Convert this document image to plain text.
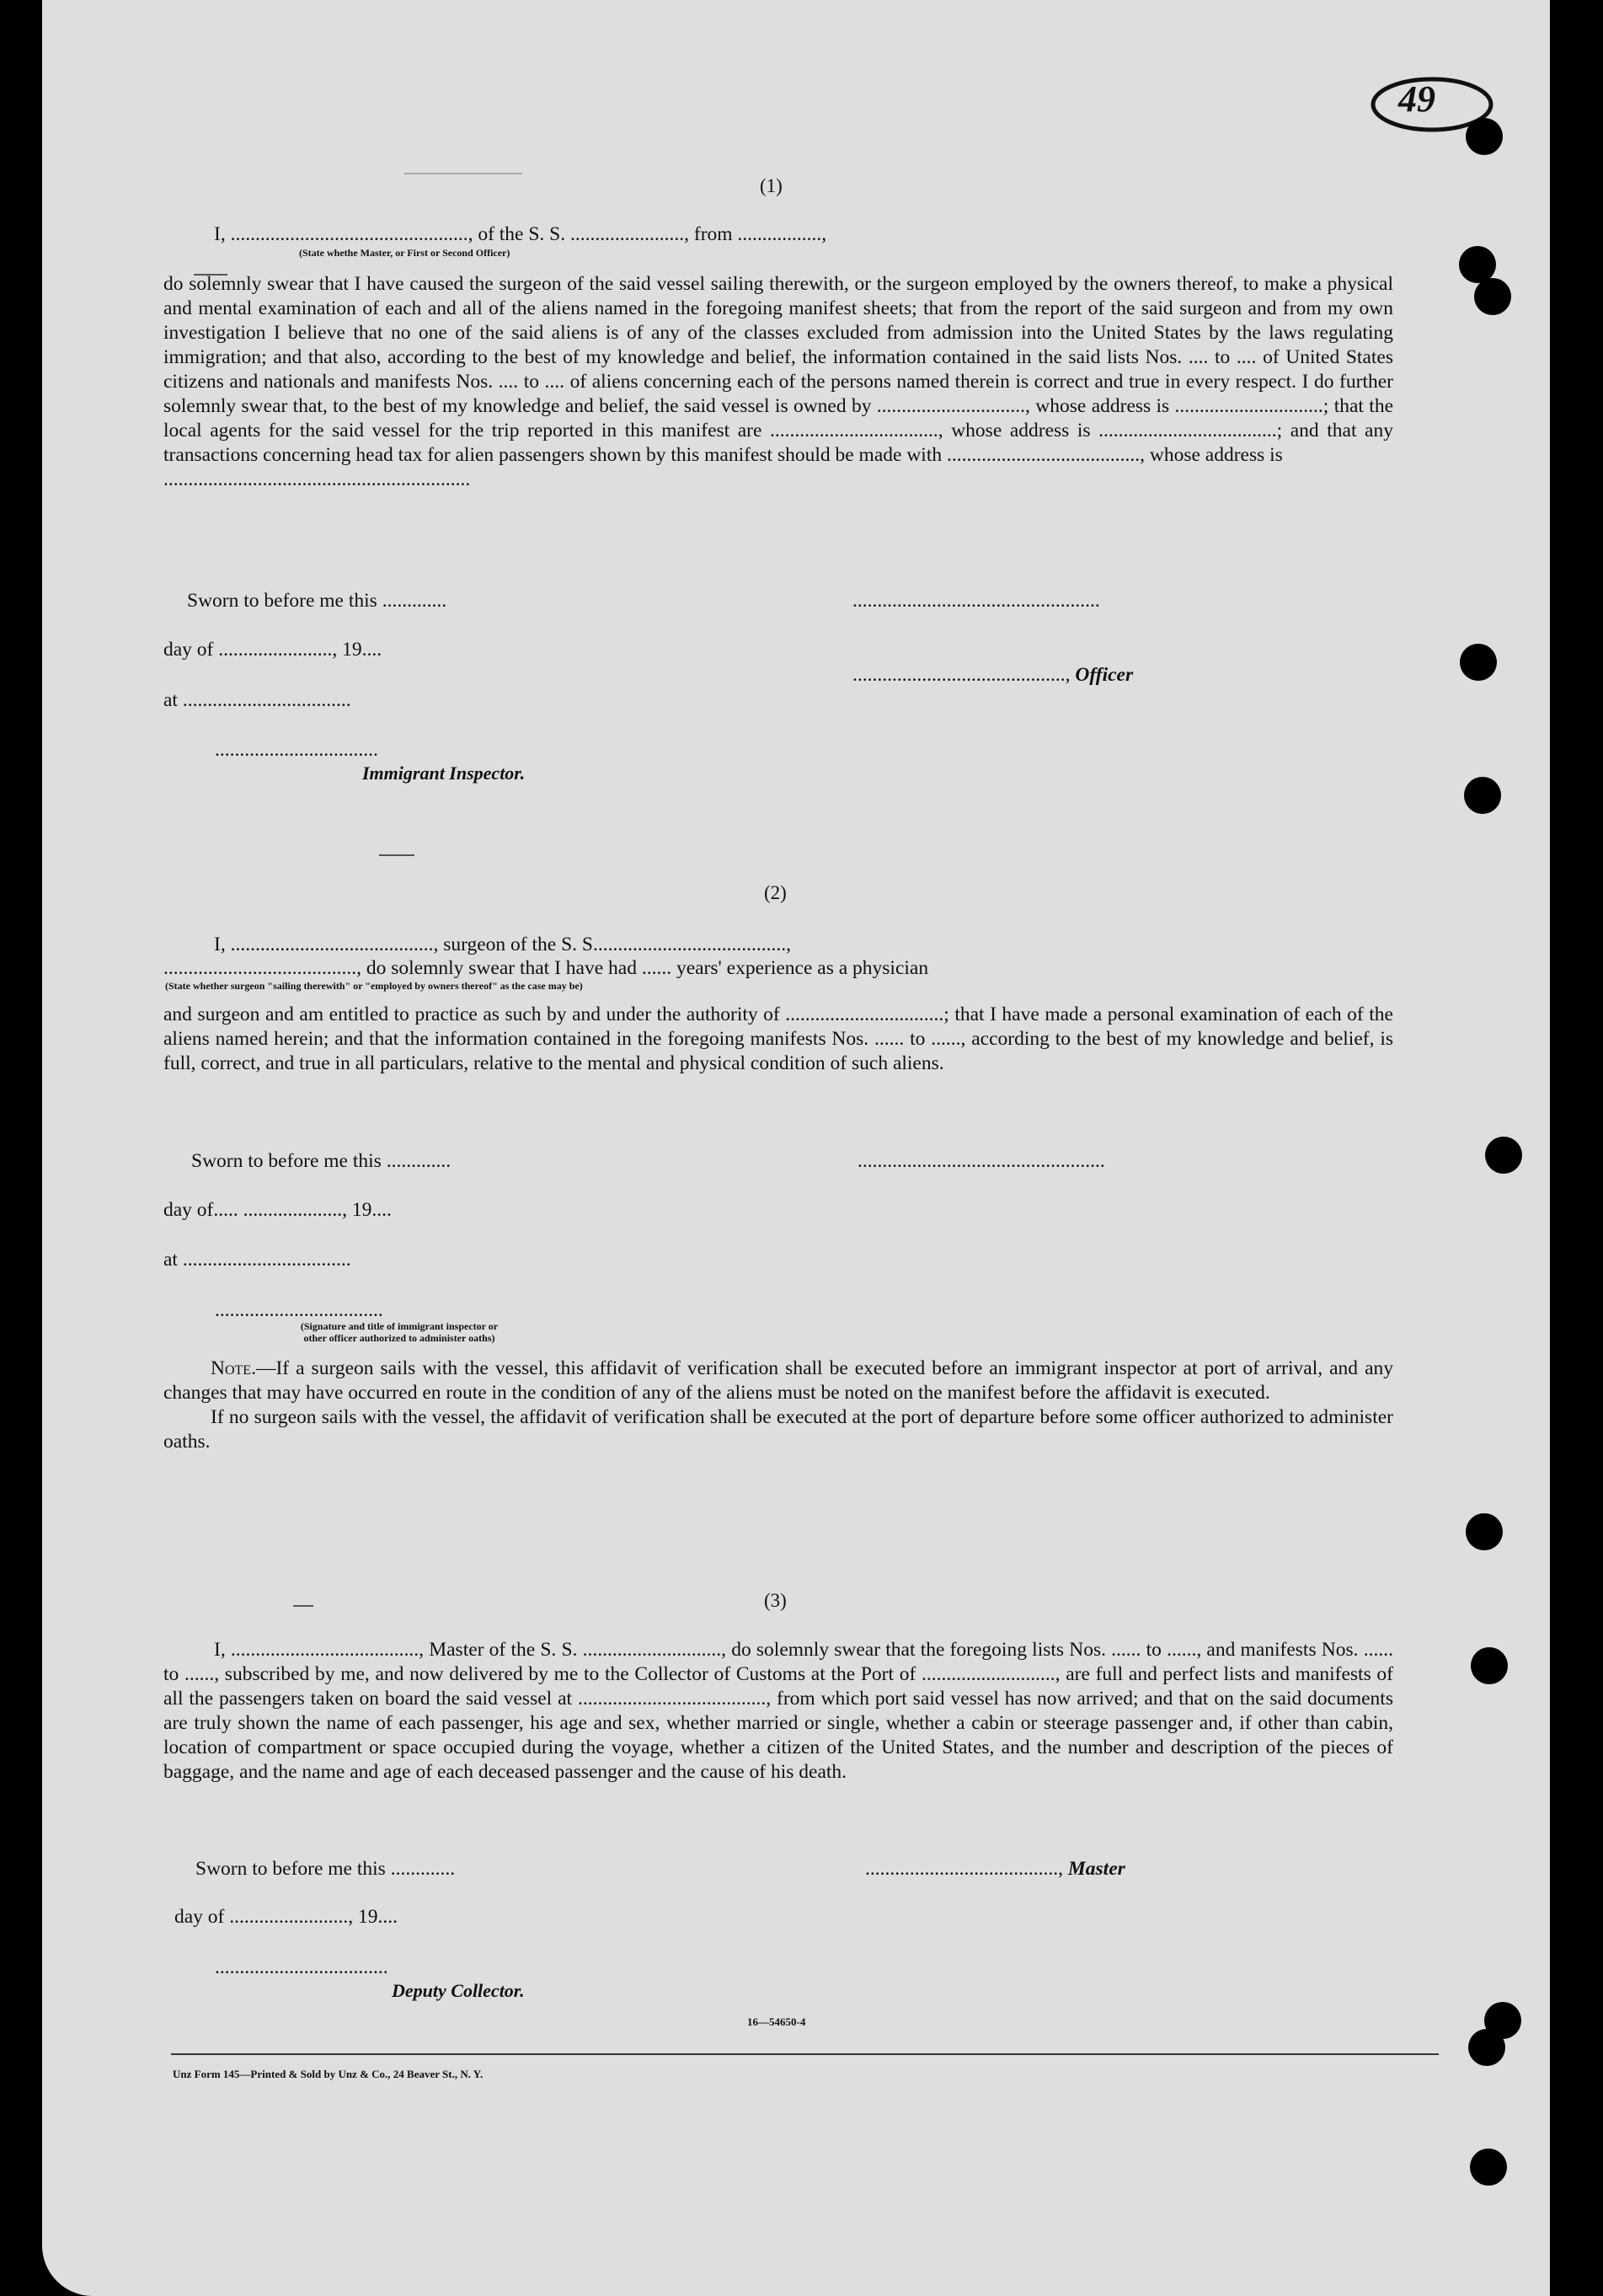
49
(1)
I, ................................................, of the S. S. ......................., from .................,
(State whethe Master, or First or Second Officer)

do solemnly swear that I have caused the surgeon of the said vessel sailing therewith, or the surgeon employed by the owners thereof, to make a physical and mental examination of each and all of the aliens named in the foregoing manifest sheets; that from the report of the said surgeon and from my own investigation I believe that no one of the said aliens is of any of the classes excluded from admission into the United States by the laws regulating immigration; and that also, according to the best of my knowledge and belief, the information contained in the said lists Nos. .... to .... of United States citizens and nationals and manifests Nos. .... to .... of aliens concerning each of the persons named therein is correct and true in every respect. I do further solemnly swear that, to the best of my knowledge and belief, the said vessel is owned by .............................., whose address is ..............................; that the local agents for the said vessel for the trip reported in this manifest are .................................., whose address is ....................................; and that any transactions concerning head tax for alien passengers shown by this manifest should be made with ......................................., whose address is

..............................................................
Sworn to before me this .............	..................................................
day of ......................., 19....
..........................................., Officer
at ..................................
.................................
Immigrant Inspector.
(2)
I, ........................................., surgeon of the S. S.......................................,
......................................., do solemnly swear that I have had ...... years' experience as a physician
(State whether surgeon "sailing therewith" or "employed by owners thereof" as the case may be)

and surgeon and am entitled to practice as such by and under the authority of ................................; that I have made a personal examination of each of the aliens named herein; and that the information contained in the foregoing manifests Nos. ...... to ......, according to the best of my knowledge and belief, is full, correct, and true in all particulars, relative to the mental and physical condition of such aliens.

Sworn to before me this .............	..................................................
day of..... ...................., 19....
at ..................................
..................................
(Signature and title of immigrant inspector or
other officer authorized to administer oaths)

Note.—If a surgeon sails with the vessel, this affidavit of verification shall be executed before an immigrant inspector at port of arrival, and any changes that may have occurred en route in the condition of any of the aliens must be noted on the manifest before the affidavit is executed.

If no surgeon sails with the vessel, the affidavit of verification shall be executed at the port of departure before some officer authorized to administer oaths.

(3)

I, ......................................, Master of the S. S. ............................, do solemnly swear that the foregoing lists Nos. ...... to ......, and manifests Nos. ...... to ......, subscribed by me, and now delivered by me to the Collector of Customs at the Port of ..........................., are full and perfect lists and manifests of all the passengers taken on board the said vessel at ......................................, from which port said vessel has now arrived; and that on the said documents are truly shown the name of each passenger, his age and sex, whether married or single, whether a cabin or steerage passenger and, if other than cabin, location of compartment or space occupied during the voyage, whether a citizen of the United States, and the number and description of the pieces of baggage, and the name and age of each deceased passenger and the cause of his death.

Sworn to before me this .............	......................................., Master
day of ........................, 19....
...................................
Deputy Collector.
16—54650-4
Unz Form 145—Printed & Sold by Unz & Co., 24 Beaver St., N. Y.
